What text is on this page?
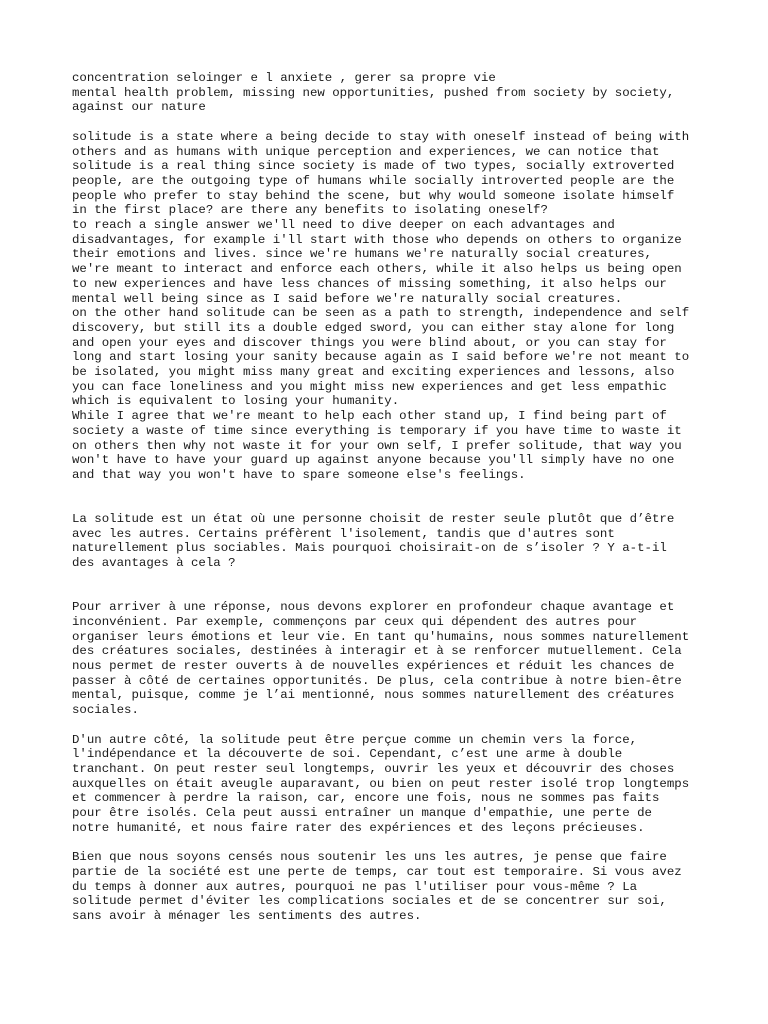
concentration seloinger e l anxiete , gerer sa propre vie
mental health problem, missing new opportunities, pushed from society by society,
against our nature
solitude is a state where a being decide to stay with oneself instead of being with
others and as humans with unique perception and experiences, we can notice that
solitude is a real thing since society is made of two types, socially extroverted
people, are the outgoing type of humans while socially introverted people are the
people who prefer to stay behind the scene, but why would someone isolate himself
in the first place? are there any benefits to isolating oneself?
to reach a single answer we'll need to dive deeper on each advantages and
disadvantages, for example i'll start with those who depends on others to organize
their emotions and lives. since we're humans we're naturally social creatures,
we're meant to interact and enforce each others, while it also helps us being open
to new experiences and have less chances of missing something, it also helps our
mental well being since as I said before we're naturally social creatures.
on the other hand solitude can be seen as a path to strength, independence and self
discovery, but still its a double edged sword, you can either stay alone for long
and open your eyes and discover things you were blind about, or you can stay for
long and start losing your sanity because again as I said before we're not meant to
be isolated, you might miss many great and exciting experiences and lessons, also
you can face loneliness and you might miss new experiences and get less empathic
which is equivalent to losing your humanity.
While I agree that we're meant to help each other stand up, I find being part of
society a waste of time since everything is temporary if you have time to waste it
on others then why not waste it for your own self, I prefer solitude, that way you
won't have to have your guard up against anyone because you'll simply have no one
and that way you won't have to spare someone else's feelings.
La solitude est un état où une personne choisit de rester seule plutôt que d’être
avec les autres. Certains préfèrent l'isolement, tandis que d'autres sont
naturellement plus sociables. Mais pourquoi choisirait-on de s’isoler ? Y a-t-il
des avantages à cela ?
Pour arriver à une réponse, nous devons explorer en profondeur chaque avantage et
inconvénient. Par exemple, commençons par ceux qui dépendent des autres pour
organiser leurs émotions et leur vie. En tant qu'humains, nous sommes naturellement
des créatures sociales, destinées à interagir et à se renforcer mutuellement. Cela
nous permet de rester ouverts à de nouvelles expériences et réduit les chances de
passer à côté de certaines opportunités. De plus, cela contribue à notre bien-être
mental, puisque, comme je l’ai mentionné, nous sommes naturellement des créatures
sociales.
D'un autre côté, la solitude peut être perçue comme un chemin vers la force,
l'indépendance et la découverte de soi. Cependant, c’est une arme à double
tranchant. On peut rester seul longtemps, ouvrir les yeux et découvrir des choses
auxquelles on était aveugle auparavant, ou bien on peut rester isolé trop longtemps
et commencer à perdre la raison, car, encore une fois, nous ne sommes pas faits
pour être isolés. Cela peut aussi entraîner un manque d'empathie, une perte de
notre humanité, et nous faire rater des expériences et des leçons précieuses.
Bien que nous soyons censés nous soutenir les uns les autres, je pense que faire
partie de la société est une perte de temps, car tout est temporaire. Si vous avez
du temps à donner aux autres, pourquoi ne pas l'utiliser pour vous-même ? La
solitude permet d'éviter les complications sociales et de se concentrer sur soi,
sans avoir à ménager les sentiments des autres.
